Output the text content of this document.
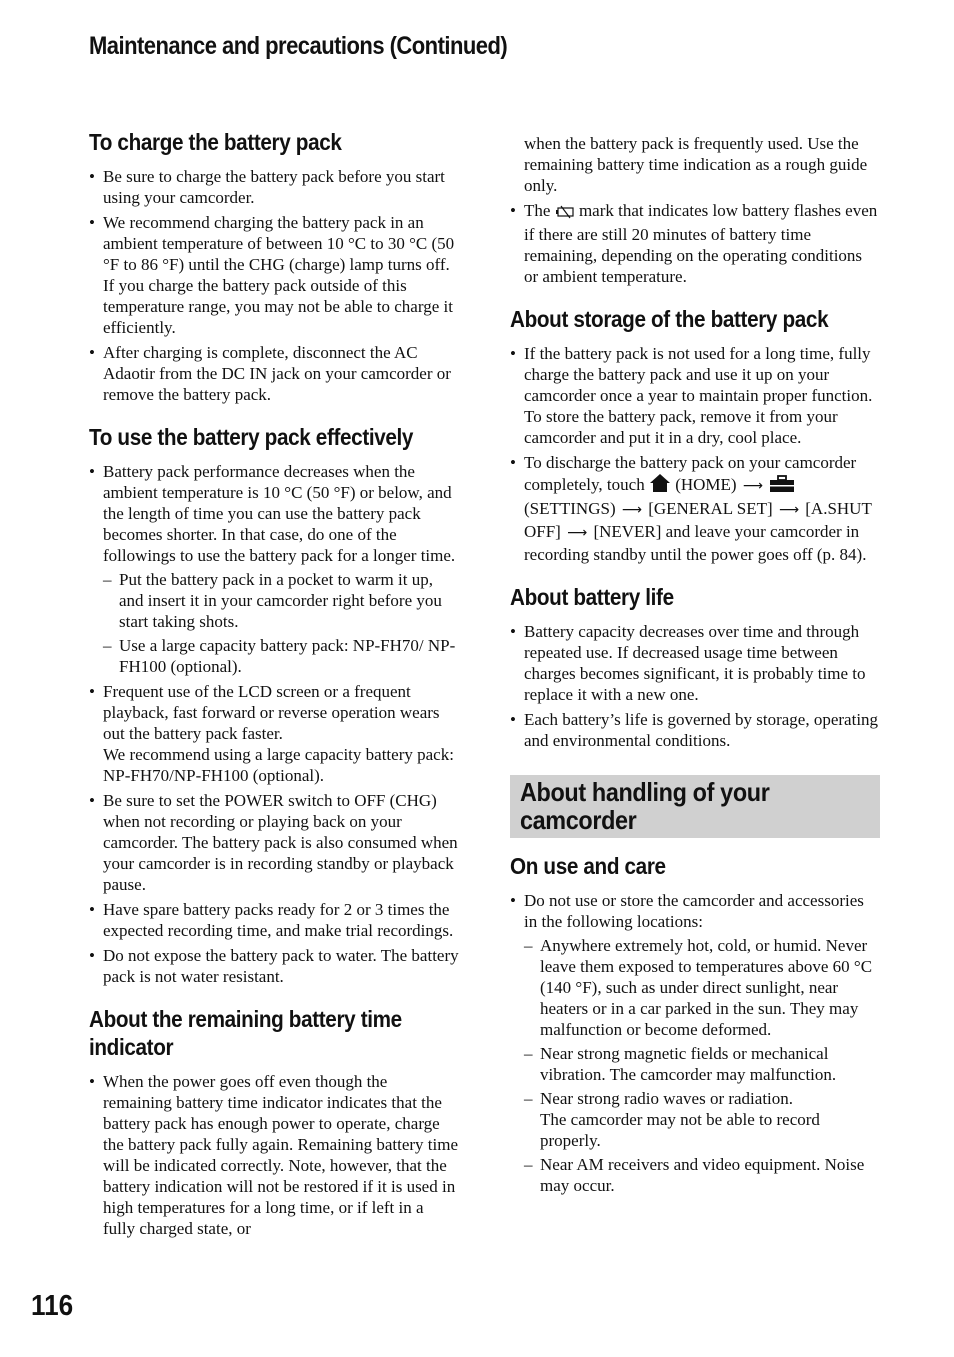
Maintenance and precautions (Continued)
To charge the battery pack
• Be sure to charge the battery pack before you start using your camcorder.
• We recommend charging the battery pack in an ambient temperature of between 10 °C to 30 °C (50 °F to 86 °F) until the CHG (charge) lamp turns off. If you charge the battery pack outside of this temperature range, you may not be able to charge it efficiently.
• After charging is complete, disconnect the AC Adaotir from the DC IN jack on your camcorder or remove the battery pack.
To use the battery pack effectively
• Battery pack performance decreases when the ambient temperature is 10 °C (50 °F) or below, and the length of time you can use the battery pack becomes shorter. In that case, do one of the followings to use the battery pack for a longer time.
– Put the battery pack in a pocket to warm it up, and insert it in your camcorder right before you start taking shots.
– Use a large capacity battery pack: NP-FH70/ NP-FH100 (optional).
• Frequent use of the LCD screen or a frequent playback, fast forward or reverse operation wears out the battery pack faster.
We recommend using a large capacity battery pack: NP-FH70/NP-FH100 (optional).
• Be sure to set the POWER switch to OFF (CHG) when not recording or playing back on your camcorder. The battery pack is also consumed when your camcorder is in recording standby or playback pause.
• Have spare battery packs ready for 2 or 3 times the expected recording time, and make trial recordings.
• Do not expose the battery pack to water. The battery pack is not water resistant.
About the remaining battery time indicator
• When the power goes off even though the remaining battery time indicator indicates that the battery pack has enough power to operate, charge the battery pack fully again. Remaining battery time will be indicated correctly. Note, however, that the battery indication will not be restored if it is used in high temperatures for a long time, or if left in a fully charged state, or
when the battery pack is frequently used. Use the remaining battery time indication as a rough guide only.
• The mark that indicates low battery flashes even if there are still 20 minutes of battery time remaining, depending on the operating conditions or ambient temperature.
About storage of the battery pack
• If the battery pack is not used for a long time, fully charge the battery pack and use it up on your camcorder once a year to maintain proper function. To store the battery pack, remove it from your camcorder and put it in a dry, cool place.
• To discharge the battery pack on your camcorder completely, touch (HOME) ⟶  (SETTINGS) ⟶ [GENERAL SET] ⟶ [A.SHUT OFF] ⟶ [NEVER] and leave your camcorder in recording standby until the power goes off (p. 84).
About battery life
• Battery capacity decreases over time and through repeated use. If decreased usage time between charges becomes significant, it is probably time to replace it with a new one.
• Each battery’s life is governed by storage, operating and environmental conditions.
About handling of your camcorder
On use and care
• Do not use or store the camcorder and accessories in the following locations:
– Anywhere extremely hot, cold, or humid. Never leave them exposed to temperatures above 60 °C (140 °F), such as under direct sunlight, near heaters or in a car parked in the sun. They may malfunction or become deformed.
– Near strong magnetic fields or mechanical vibration. The camcorder may malfunction.
– Near strong radio waves or radiation.
The camcorder may not be able to record properly.
– Near AM receivers and video equipment. Noise may occur.
116
